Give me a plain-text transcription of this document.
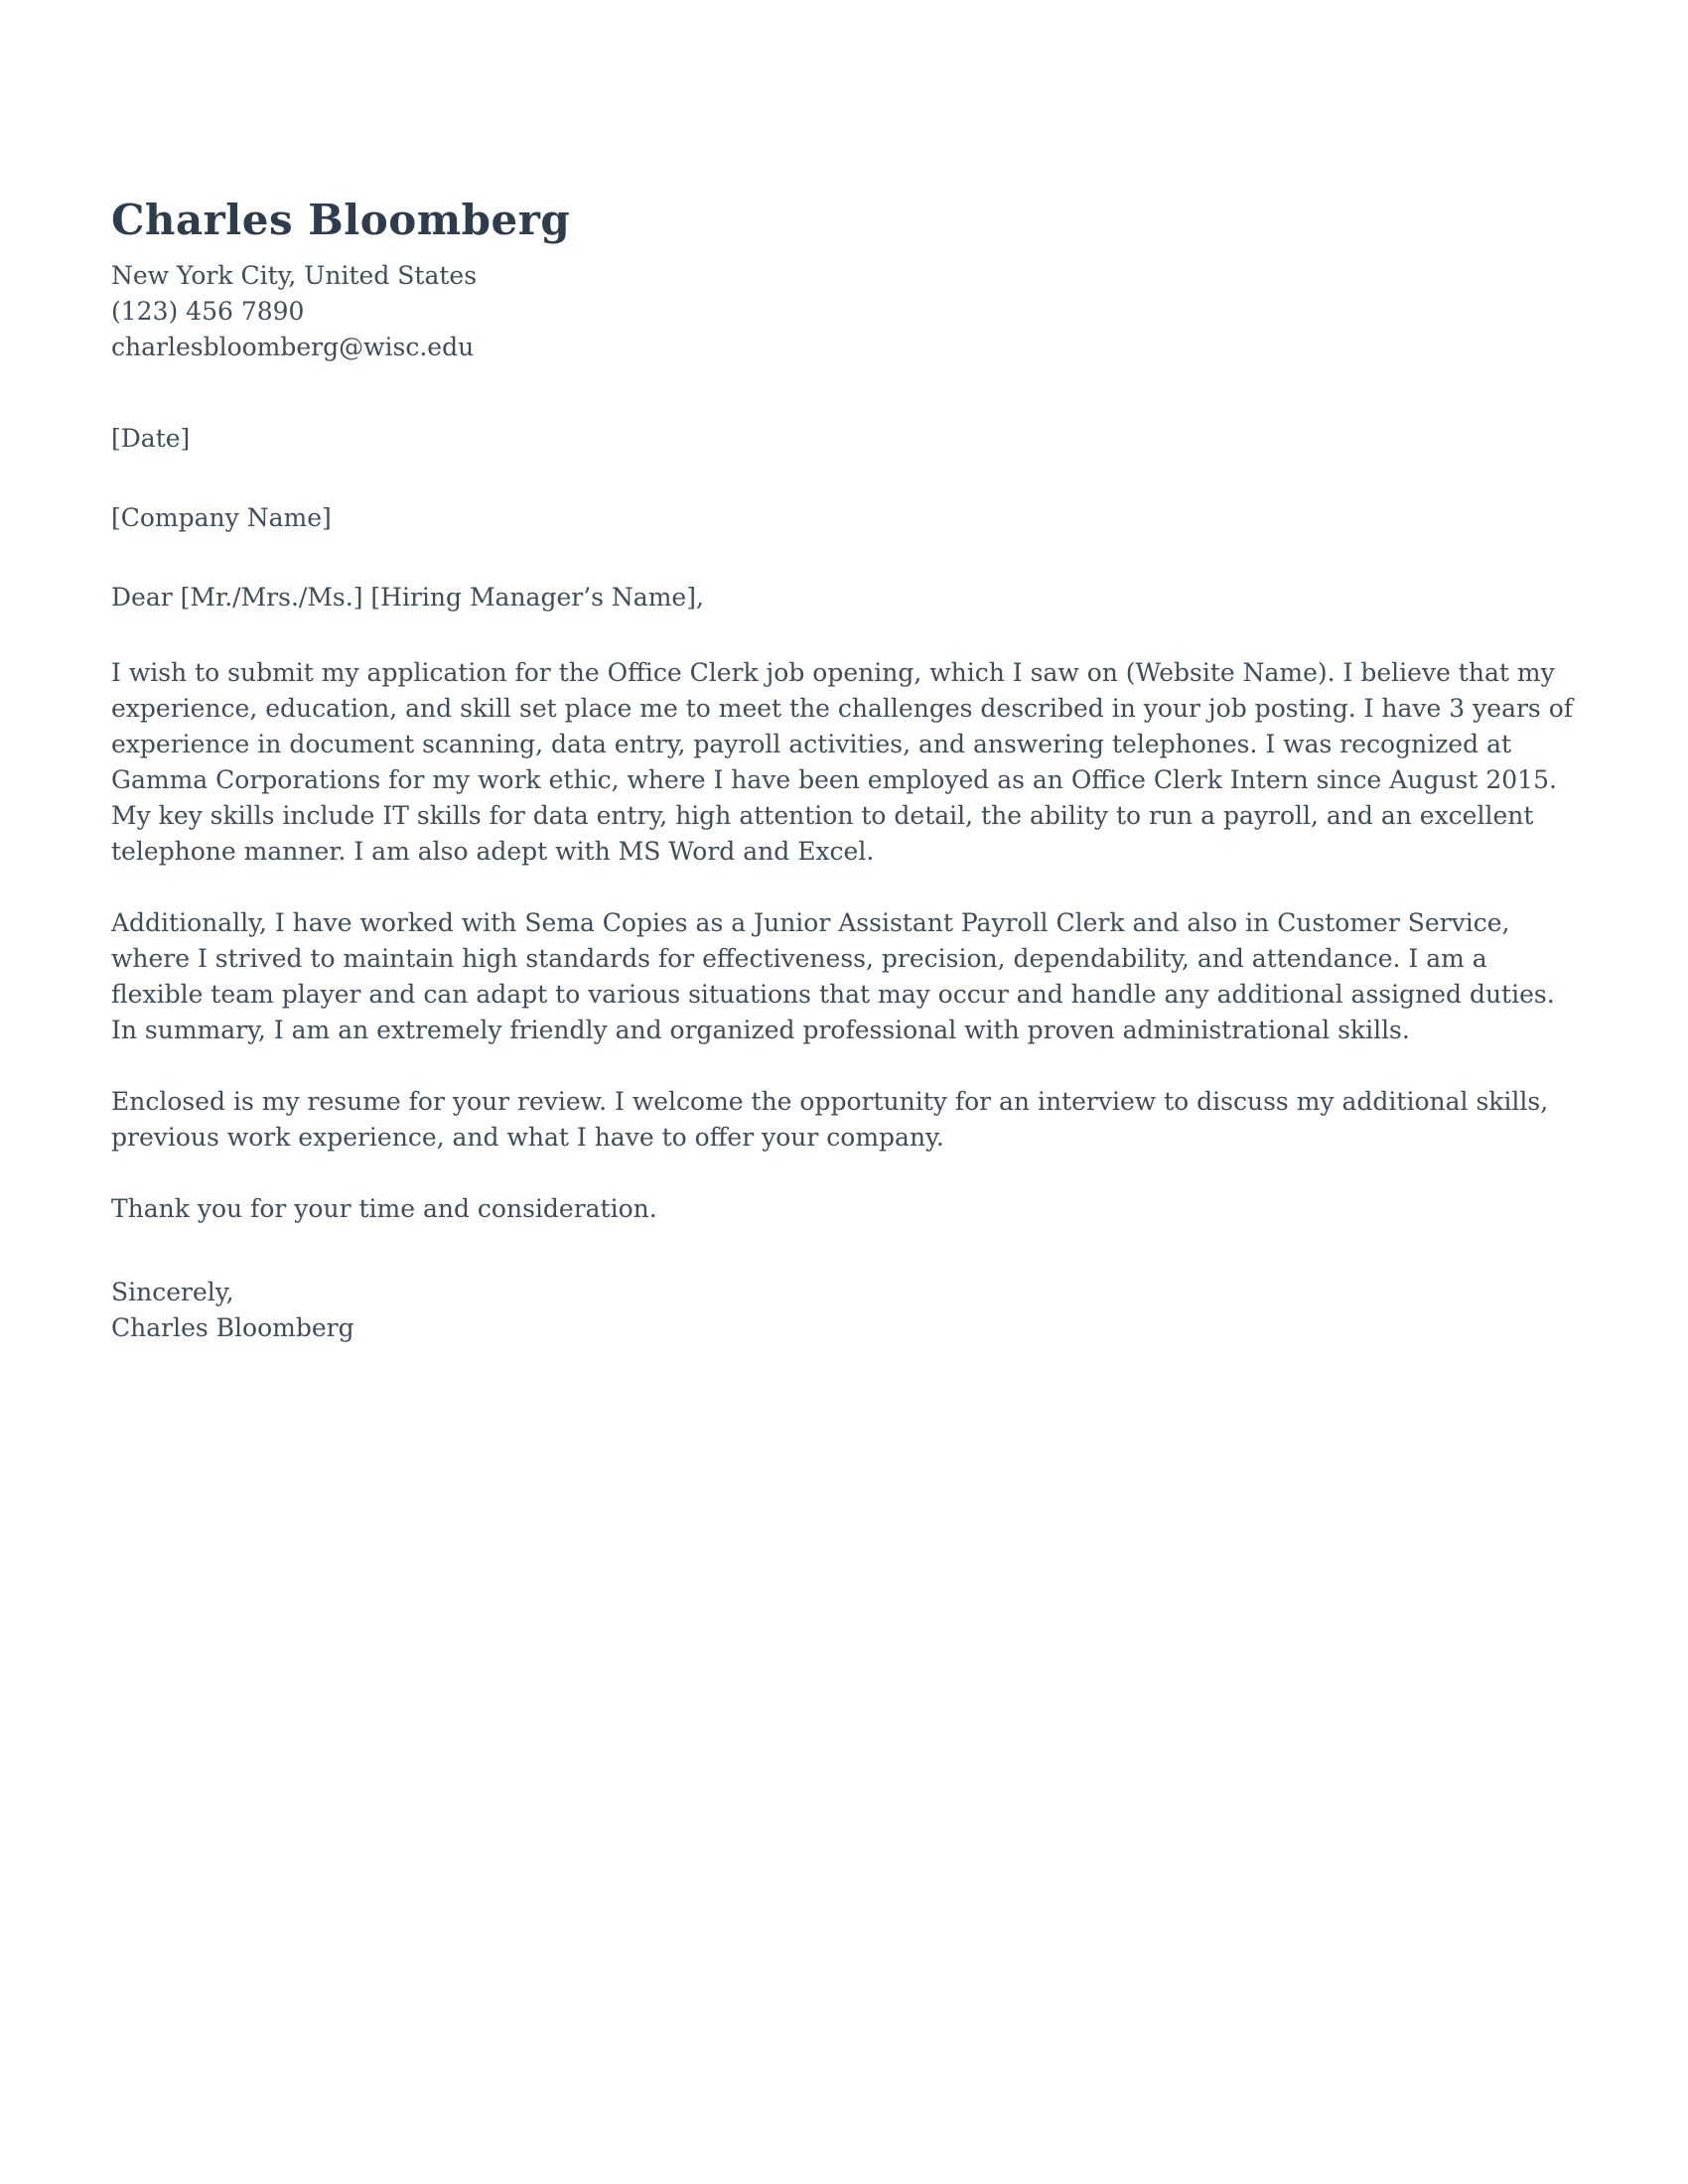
Charles Bloomberg
New York City, United States
(123) 456 7890
charlesbloomberg@wisc.edu
[Date]
[Company Name]
Dear [Mr./Mrs./Ms.] [Hiring Manager’s Name],

I wish to submit my application for the Office Clerk job opening, which I saw on (Website Name). I believe that my experience, education, and skill set place me to meet the challenges described in your job posting. I have 3 years of experience in document scanning, data entry, payroll activities, and answering telephones. I was recognized at Gamma Corporations for my work ethic, where I have been employed as an Office Clerk Intern since August 2015. My key skills include IT skills for data entry, high attention to detail, the ability to run a payroll, and an excellent telephone manner. I am also adept with MS Word and Excel.

Additionally, I have worked with Sema Copies as a Junior Assistant Payroll Clerk and also in Customer Service, where I strived to maintain high standards for effectiveness, precision, dependability, and attendance. I am a flexible team player and can adapt to various situations that may occur and handle any additional assigned duties. In summary, I am an extremely friendly and organized professional with proven administrational skills.

Enclosed is my resume for your review. I welcome the opportunity for an interview to discuss my additional skills, previous work experience, and what I have to offer your company.

Thank you for your time and consideration.

Sincerely,
Charles Bloomberg
